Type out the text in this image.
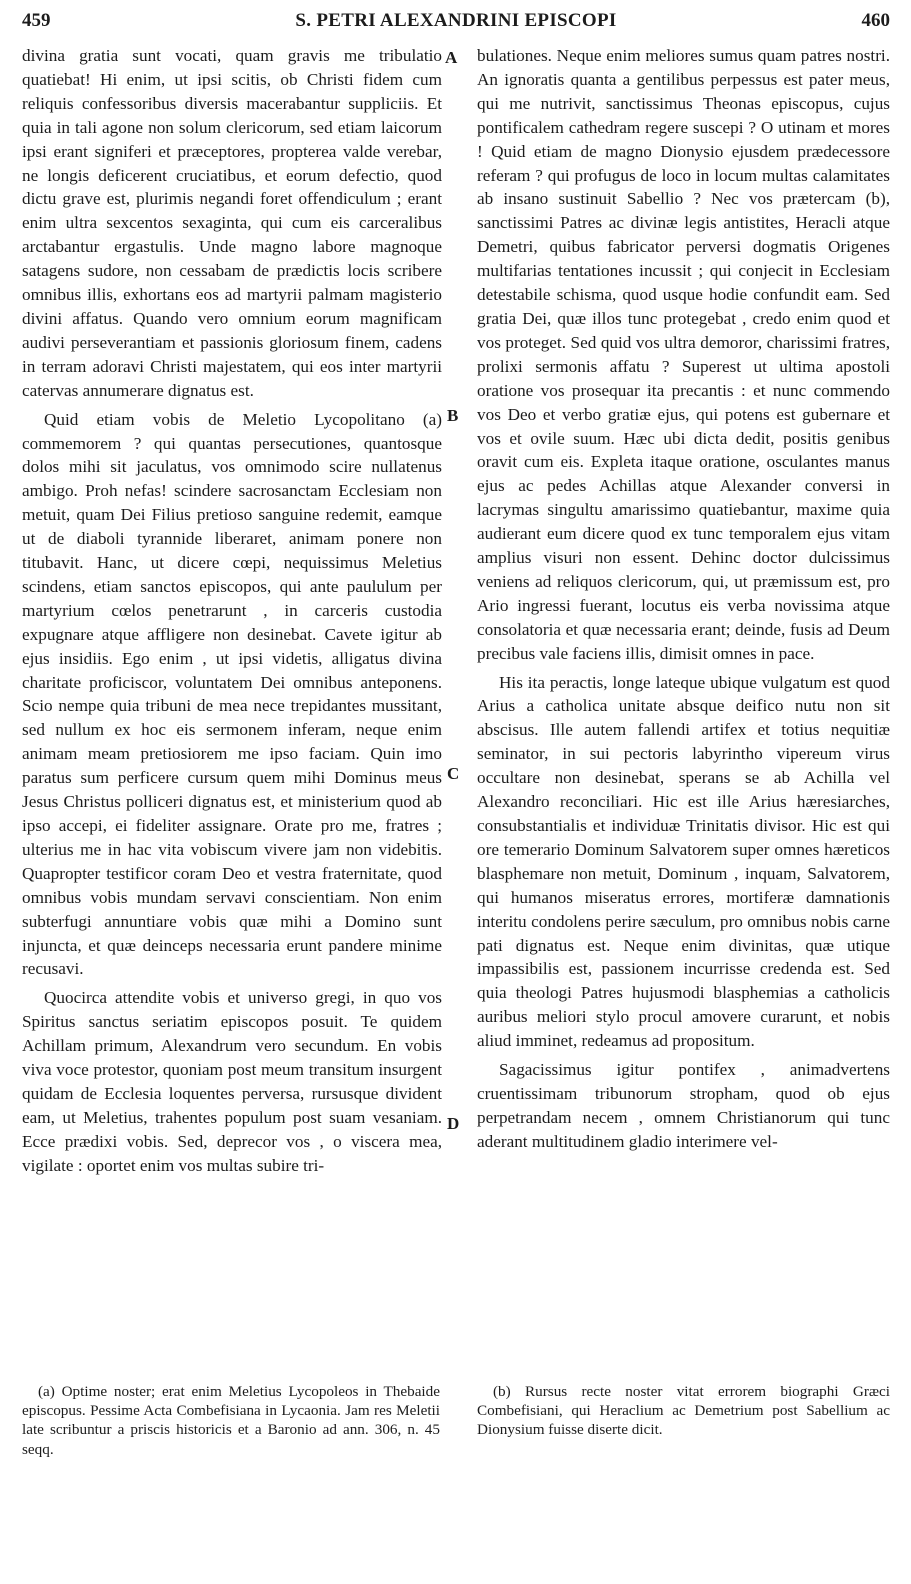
459	S. PETRI ALEXANDRINI EPISCOPI	460

divina gratia sunt vocati, quam gravis me tribulatio quatiebat! Hi enim, ut ipsi scitis, ob Christi fidem cum reliquis confessoribus diversis macerabantur suppliciis. Et quia in tali agone non solum clericorum, sed etiam laicorum ipsi erant signiferi et præceptores, propterea valde verebar, ne longis deficerent cruciatibus, et eorum defectio, quod dictu grave est, plurimis negandi foret offendiculum ; erant enim ultra sexcentos sexaginta, qui cum eis carceralibus arctabantur ergastulis. Unde magno labore magnoque satagens sudore, non cessabam de prædictis locis scribere omnibus illis, exhortans eos ad martyrii palmam magisterio divini affatus. Quando vero omnium eorum magnificam audivi perseverantiam et passionis gloriosum finem, cadens in terram adoravi Christi majestatem, qui eos inter martyrii catervas annumerare dignatus est.

Quid etiam vobis de Meletio Lycopolitano (a) commemorem ? qui quantas persecutiones, quantosque dolos mihi sit jaculatus, vos omnimodo scire nullatenus ambigo. Proh nefas! scindere sacrosanctam Ecclesiam non metuit, quam Dei Filius pretioso sanguine redemit, eamque ut de diaboli tyrannide liberaret, animam ponere non titubavit. Hanc, ut dicere cœpi, nequissimus Meletius scindens, etiam sanctos episcopos, qui ante paululum per martyrium cœlos penetrarunt , in carceris custodia expugnare atque affligere non desinebat. Cavete igitur ab ejus insidiis. Ego enim , ut ipsi videtis, alligatus divina charitate proficiscor, voluntatem Dei omnibus anteponens. Scio nempe quia tribuni de mea nece trepidantes mussitant, sed nullum ex hoc eis sermonem inferam, neque enim animam meam pretiosiorem me ipso faciam. Quin imo paratus sum perficere cursum quem mihi Dominus meus Jesus Christus polliceri dignatus est, et ministerium quod ab ipso accepi, ei fideliter assignare. Orate pro me, fratres ; ulterius me in hac vita vobiscum vivere jam non videbitis. Quapropter testificor coram Deo et vestra fraternitate, quod omnibus vobis mundam servavi conscientiam. Non enim subterfugi annuntiare vobis quæ mihi a Domino sunt injuncta, et quæ deinceps necessaria erunt pandere minime recusavi.

Quocirca attendite vobis et universo gregi, in quo vos Spiritus sanctus seriatim episcopos posuit. Te quidem Achillam primum, Alexandrum vero secundum. En vobis viva voce protestor, quoniam post meum transitum insurgent quidam de Ecclesia loquentes perversa, rursusque divident eam, ut Meletius, trahentes populum post suam vesaniam. Ecce prædixi vobis. Sed, deprecor vos , o viscera mea, vigilate : oportet enim vos multas subire tri-

A
B
C
D

bulationes. Neque enim meliores sumus quam patres nostri. An ignoratis quanta a gentilibus perpessus est pater meus, qui me nutrivit, sanctissimus Theonas episcopus, cujus pontificalem cathedram regere suscepi ? O utinam et mores ! Quid etiam de magno Dionysio ejusdem prædecessore referam ? qui profugus de loco in locum multas calamitates ab insano sustinuit Sabellio ? Nec vos prætercam (b), sanctissimi Patres ac divinæ legis antistites, Heracli atque Demetri, quibus fabricator perversi dogmatis Origenes multifarias tentationes incussit ; qui conjecit in Ecclesiam detestabile schisma, quod usque hodie confundit eam. Sed gratia Dei, quæ illos tunc protegebat , credo enim quod et vos proteget. Sed quid vos ultra demoror, charissimi fratres, prolixi sermonis affatu ? Superest ut ultima apostoli oratione vos prosequar ita precantis : et nunc commendo vos Deo et verbo gratiæ ejus, qui potens est gubernare et vos et ovile suum. Hæc ubi dicta dedit, positis genibus oravit cum eis. Expleta itaque oratione, osculantes manus ejus ac pedes Achillas atque Alexander conversi in lacrymas singultu amarissimo quatiebantur, maxime quia audierant eum dicere quod ex tunc temporalem ejus vitam amplius visuri non essent. Dehinc doctor dulcissimus veniens ad reliquos clericorum, qui, ut præmissum est, pro Ario ingressi fuerant, locutus eis verba novissima atque consolatoria et quæ necessaria erant; deinde, fusis ad Deum precibus vale faciens illis, dimisit omnes in pace.

His ita peractis, longe lateque ubique vulgatum est quod Arius a catholica unitate absque deifico nutu non sit abscisus. Ille autem fallendi artifex et totius nequitiæ seminator, in sui pectoris labyrintho vipereum virus occultare non desinebat, sperans se ab Achilla vel Alexandro reconciliari. Hic est ille Arius hæresiarches, consubstantialis et individuæ Trinitatis divisor. Hic est qui ore temerario Dominum Salvatorem super omnes hæreticos blasphemare non metuit, Dominum , inquam, Salvatorem, qui humanos miseratus errores, mortiferæ damnationis interitu condolens perire sæculum, pro omnibus nobis carne pati dignatus est. Neque enim divinitas, quæ utique impassibilis est, passionem incurrisse credenda est. Sed quia theologi Patres hujusmodi blasphemias a catholicis auribus meliori stylo procul amovere curarunt, et nobis aliud imminet, redeamus ad propositum.

Sagacissimus igitur pontifex , animadvertens cruentissimam tribunorum stropham, quod ob ejus perpetrandam necem , omnem Christianorum qui tunc aderant multitudinem gladio interimere vel-

(a) Optime noster; erat enim Meletius Lycopoleos in Thebaide episcopus. Pessime Acta Combefisiana in Lycaonia. Jam res Meletii late scribuntur a priscis historicis et a Baronio ad ann. 306, n. 45 seqq.

(b) Rursus recte noster vitat errorem biographi Græci Combefisiani, qui Heraclium ac Demetrium post Sabellium ac Dionysium fuisse diserte dicit.
